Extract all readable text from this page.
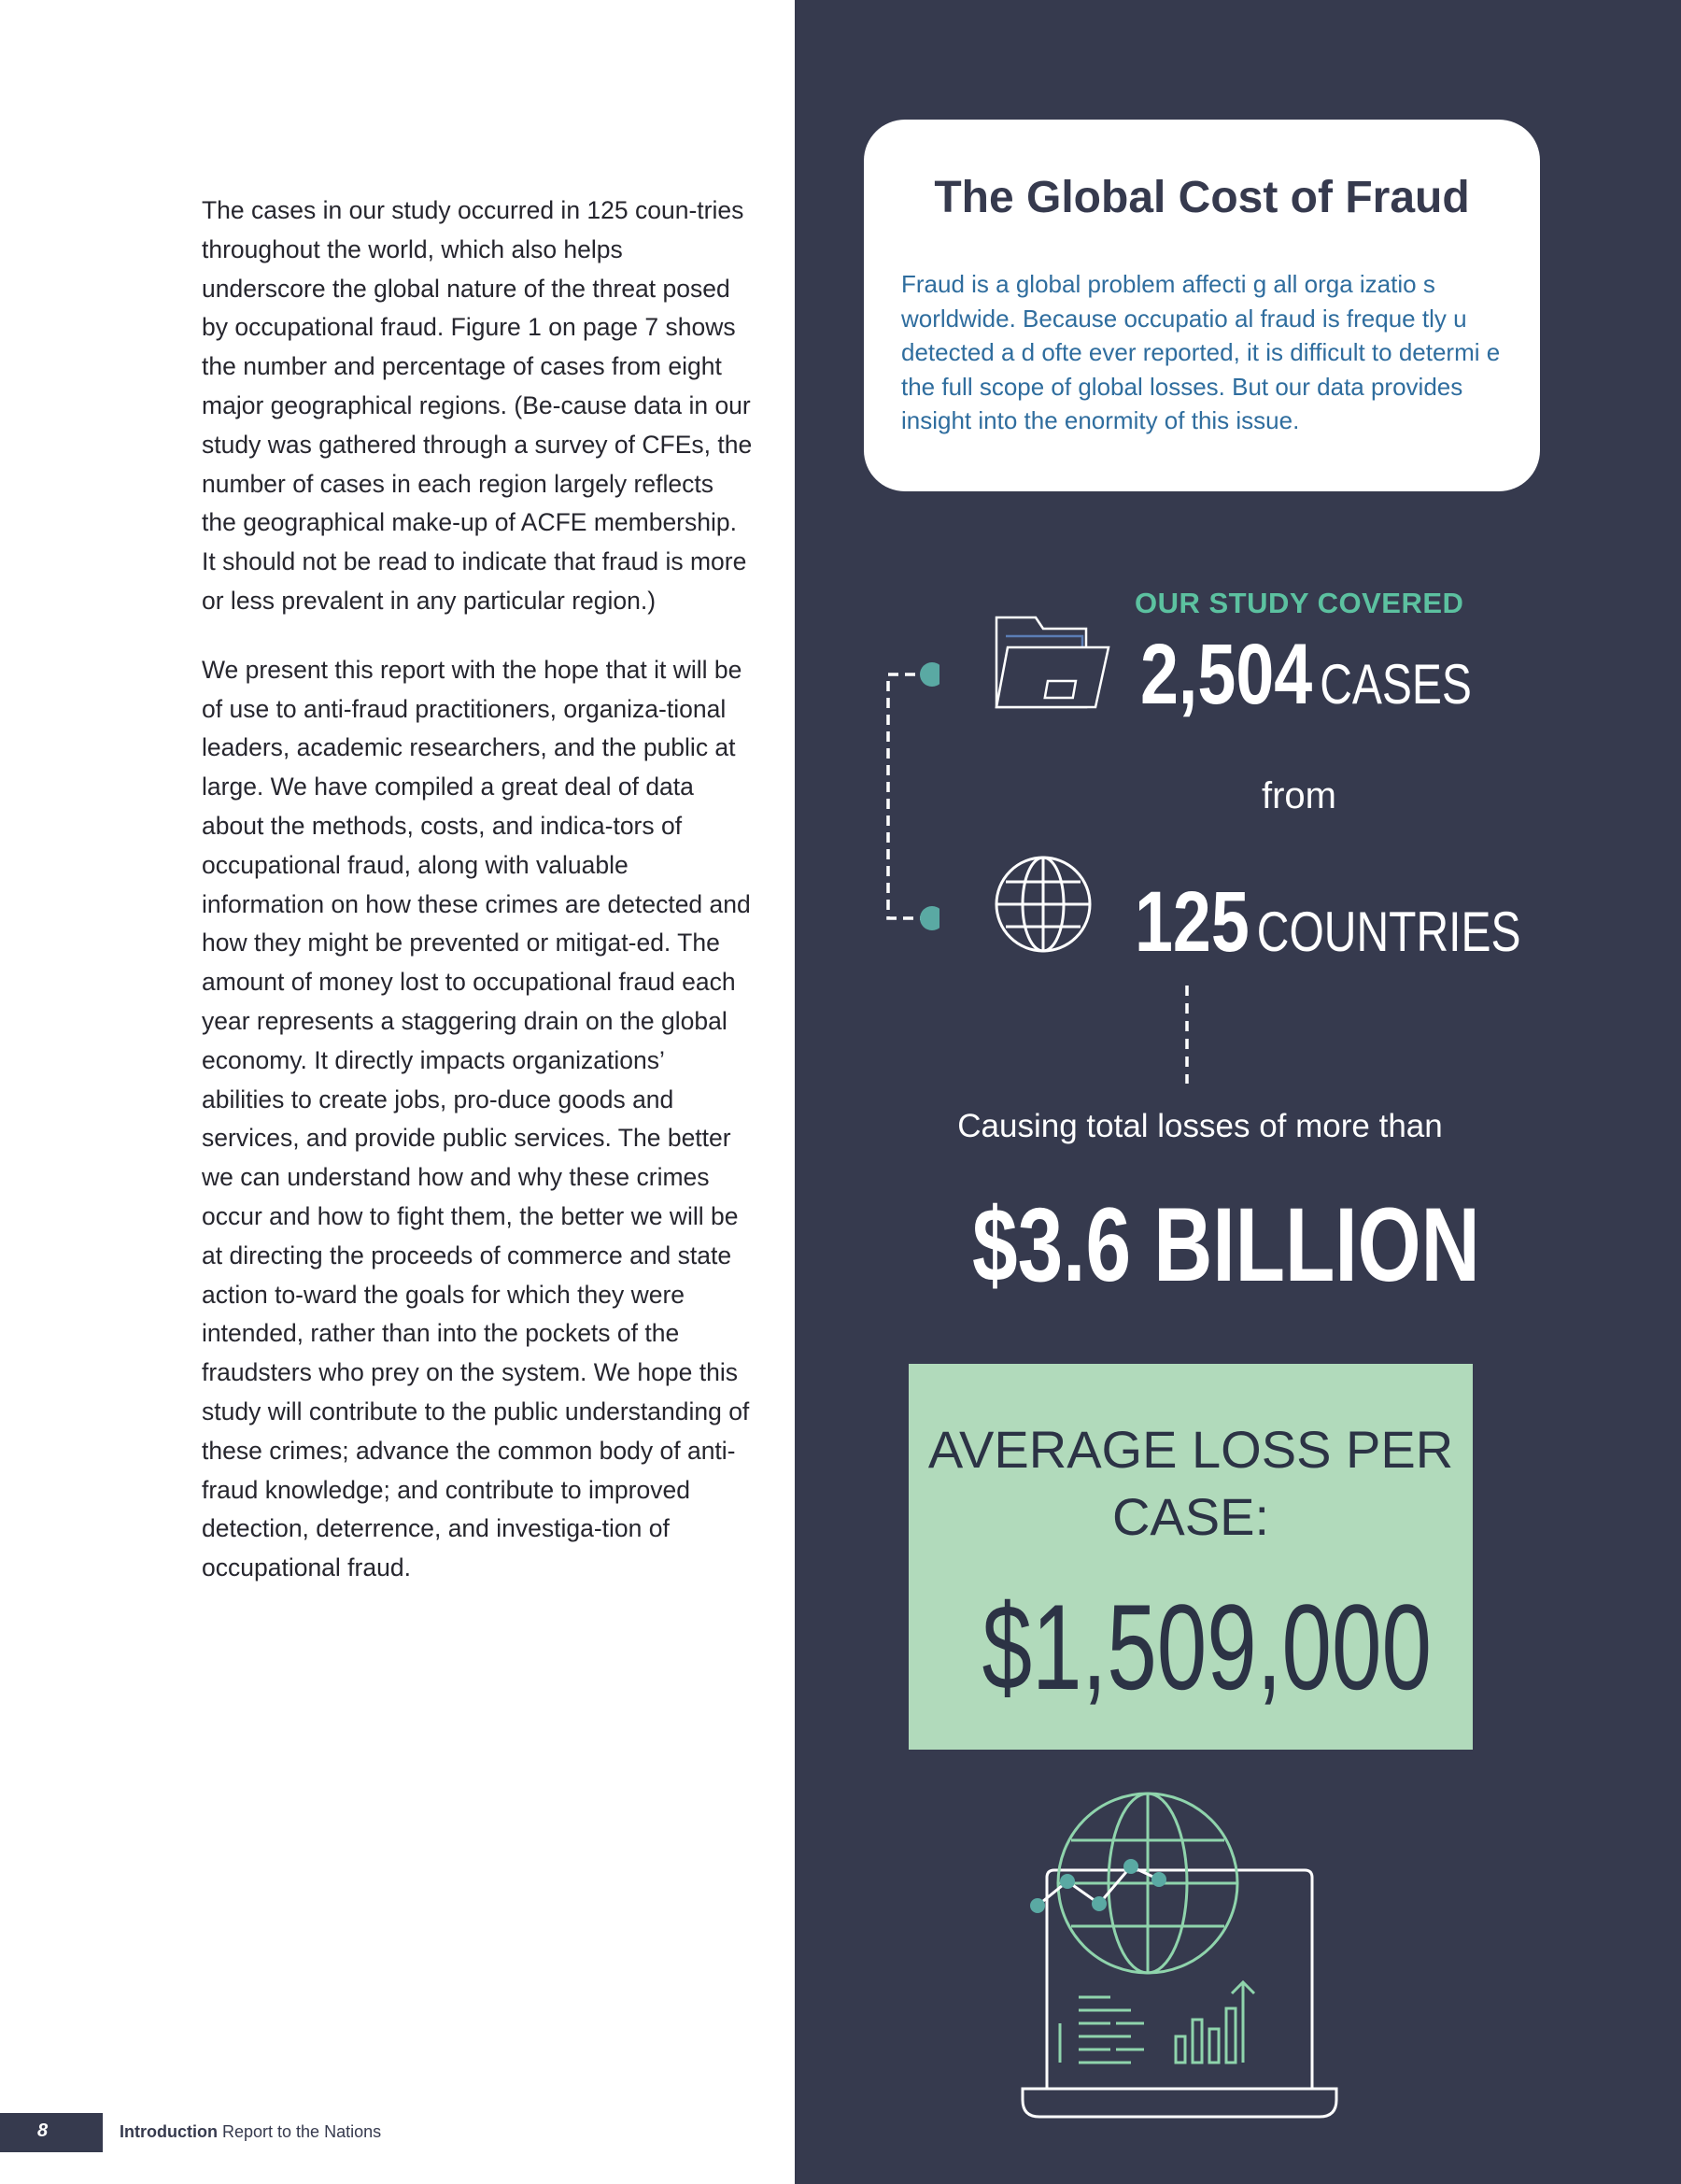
The cases in our study occurred in 125 coun-tries throughout the world, which also helps underscore the global nature of the threat posed by occupational fraud. Figure 1 on page 7 shows the number and percentage of cases from eight major geographical regions. (Be-cause data in our study was gathered through a survey of CFEs, the number of cases in each region largely reflects the geographical make-up of ACFE membership. It should not be read to indicate that fraud is more or less prevalent in any particular region.)

We present this report with the hope that it will be of use to anti-fraud practitioners, organiza-tional leaders, academic researchers, and the public at large. We have compiled a great deal of data about the methods, costs, and indica-tors of occupational fraud, along with valuable information on how these crimes are detected and how they might be prevented or mitigat-ed. The amount of money lost to occupational fraud each year represents a staggering drain on the global economy. It directly impacts organizations’ abilities to create jobs, pro-duce goods and services, and provide public services. The better we can understand how and why these crimes occur and how to fight them, the better we will be at directing the proceeds of commerce and state action to-ward the goals for which they were intended, rather than into the pockets of the fraudsters who prey on the system. We hope this study will contribute to the public understanding of these crimes; advance the common body of anti-fraud knowledge; and contribute to improved detection, deterrence, and investiga-tion of occupational fraud.

The Global Cost of Fraud
Fraud is a global problem affecti g all orga izatio s worldwide. Because occupatio al fraud is freque tly u detected a d ofte ever reported, it is difficult to determi e the full scope of global losses. But our data provides insight into the enormity of this issue.
OUR STUDY COVERED
2,504 CASES
from
125 COUNTRIES
Causing total losses of more than
$3.6 BILLION
AVERAGE LOSS PER CASE:
$1,509,000
8	Introduction Report to the Nations
